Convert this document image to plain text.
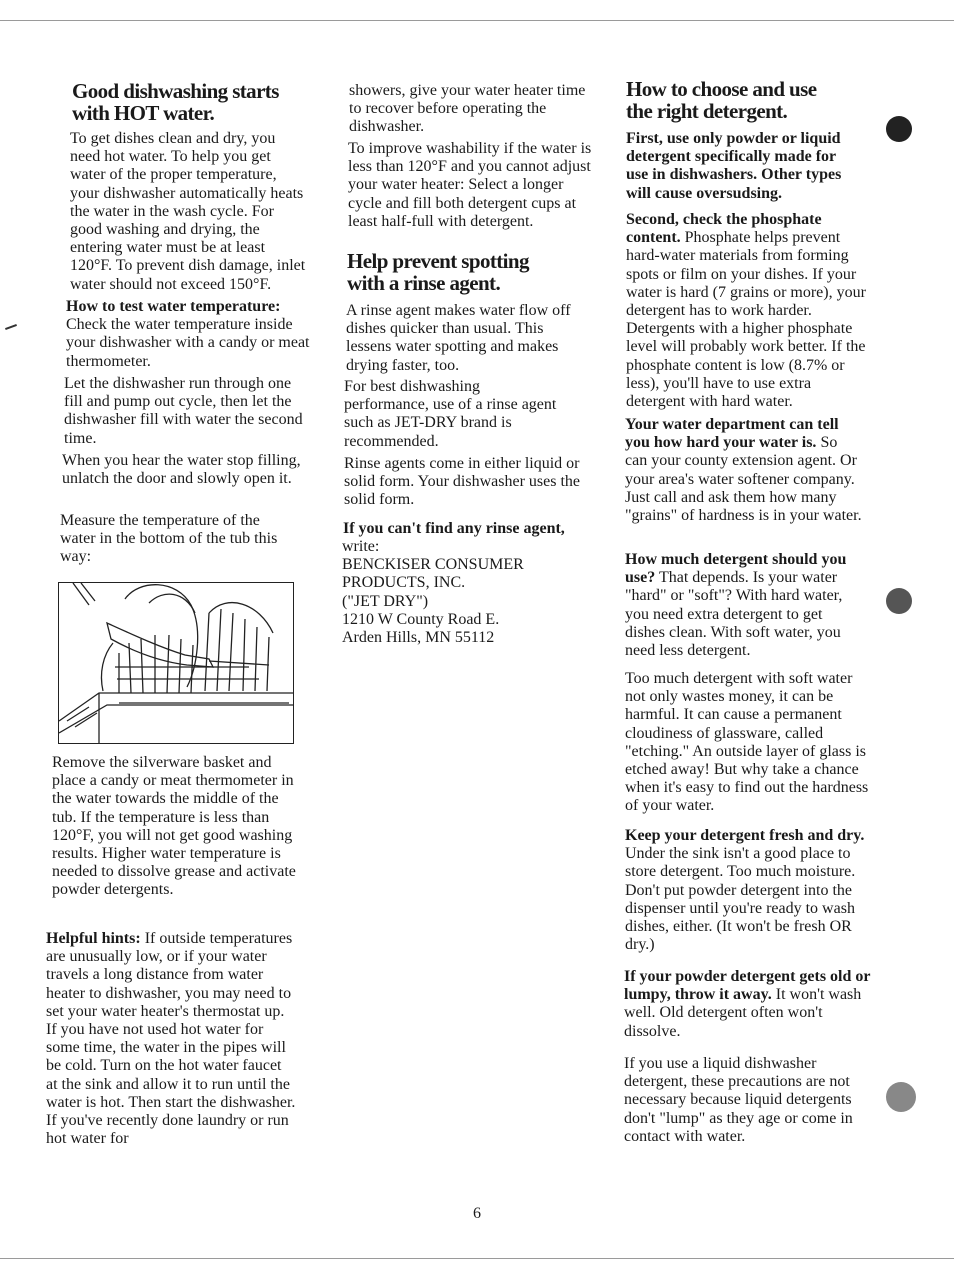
Good dishwashing starts
with HOT water.

To get dishes clean and dry, you need hot water. To help you get water of the proper temperature, your dishwasher automatically heats the water in the wash cycle. For good washing and drying, the entering water must be at least 120°F. To prevent dish damage, inlet water should not exceed 150°F.

How to test water temperature: Check the water temperature inside your dishwasher with a candy or meat thermometer.

Let the dishwasher run through one fill and pump out cycle, then let the dishwasher fill with water the second time.

When you hear the water stop filling, unlatch the door and slowly open it.

Measure the temperature of the water in the bottom of the tub this way:

Remove the silverware basket and place a candy or meat thermometer in the water towards the middle of the tub. If the temperature is less than 120°F, you will not get good washing results. Higher water temperature is needed to dissolve grease and activate powder detergents.

Helpful hints: If outside temperatures are unusually low, or if your water travels a long distance from water heater to dishwasher, you may need to set your water heater's thermostat up. If you have not used hot water for some time, the water in the pipes will be cold. Turn on the hot water faucet at the sink and allow it to run until the water is hot. Then start the dishwasher. If you've recently done laundry or run hot water for

showers, give your water heater time to recover before operating the dishwasher.

To improve washability if the water is less than 120°F and you cannot adjust your water heater: Select a longer cycle and fill both detergent cups at least half-full with detergent.

Help prevent spotting
with a rinse agent.

A rinse agent makes water flow off dishes quicker than usual. This lessens water spotting and makes drying faster, too.

For best dishwashing performance, use of a rinse agent such as JET-DRY brand is recommended.

Rinse agents come in either liquid or solid form. Your dishwasher uses the solid form.

If you can't find any rinse agent,

write:

BENCKISER CONSUMER

PRODUCTS, INC.

("JET DRY")

1210 W County Road E.

Arden Hills, MN 55112

How to choose and use
the right detergent.

First, use only powder or liquid detergent specifically made for use in dishwashers. Other types will cause oversudsing.

Second, check the phosphate content. Phosphate helps prevent hard-water materials from forming spots or film on your dishes. If your water is hard (7 grains or more), your detergent has to work harder. Detergents with a higher phosphate level will probably work better. If the phosphate content is low (8.7% or less), you'll have to use extra detergent with hard water.

Your water department can tell you how hard your water is. So can your county extension agent. Or your area's water softener company. Just call and ask them how many "grains" of hardness is in your water.

How much detergent should you use? That depends. Is your water "hard" or "soft"? With hard water, you need extra detergent to get dishes clean. With soft water, you need less detergent.

Too much detergent with soft water not only wastes money, it can be harmful. It can cause a permanent cloudiness of glassware, called "etching." An outside layer of glass is etched away! But why take a chance when it's easy to find out the hardness of your water.

Keep your detergent fresh and dry. Under the sink isn't a good place to store detergent. Too much moisture. Don't put powder detergent into the dispenser until you're ready to wash dishes, either. (It won't be fresh OR dry.)

If your powder detergent gets old or lumpy, throw it away. It won't wash well. Old detergent often won't dissolve.

If you use a liquid dishwasher detergent, these precautions are not necessary because liquid detergents don't "lump" as they age or come in contact with water.

6
